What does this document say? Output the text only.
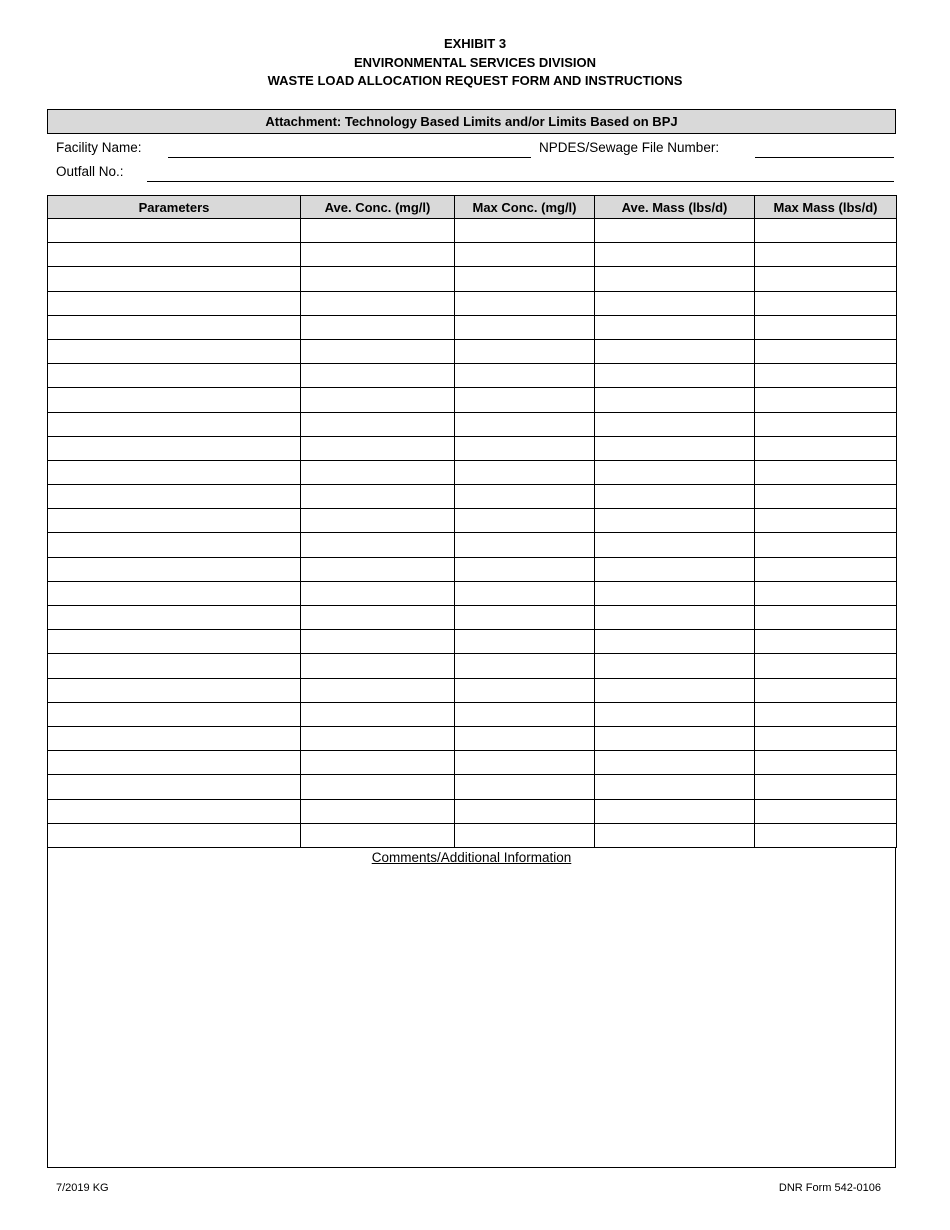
EXHIBIT 3
ENVIRONMENTAL SERVICES DIVISION
WASTE LOAD ALLOCATION REQUEST FORM AND INSTRUCTIONS
Attachment: Technology Based Limits and/or Limits Based on BPJ
Facility Name:	NPDES/Sewage File Number:
Outfall No.:
Parameters	Ave. Conc. (mg/l)	Max Conc. (mg/l)	Ave. Mass (lbs/d)	Max Mass (lbs/d)

Comments/Additional Information
7/2019 KG	DNR Form 542-0106
